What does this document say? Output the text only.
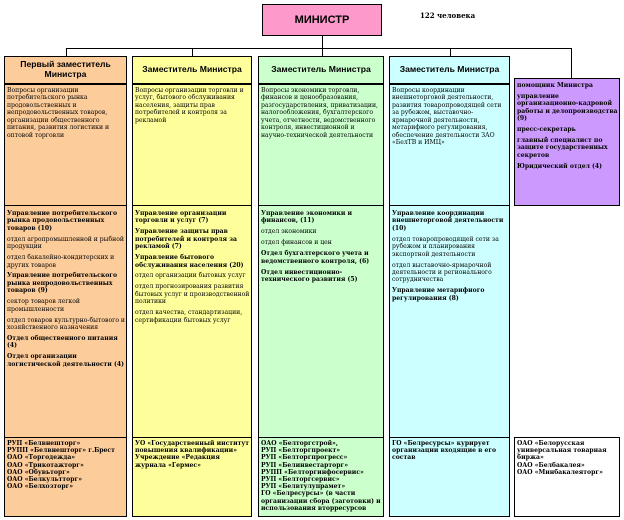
МИНИСТР	122 человека
Первый заместитель Министра
Вопросы организации потребительского рынка продовольственных и непродовольственных товаров, организации общественного питания, развития логистики и оптовой торговли
Управление потребительского рынка продовольственных товаров (10)
отдел агропромышленной и рыбной продукции
отдел бакалейно-кондитерских и других товаров
Управление потребительского рынка непродовольственных товаров (9)
сектор товаров легкой промышленности
отдел товаров культурно-бытового и хозяйственного назначения
Отдел общественного питания (4)
Отдел организации логистической деятельности (4)
РУП «Белвнешторг»
РУПП «Белвнешторг» г.Брест
ОАО «Торгодежда»
ОАО «Трикотажторг»
ОАО «Обувьторг»
ОАО «Белкультторг»
ОАО «Белхозторг»
Заместитель Министра
Вопросы организации торговли и услуг, бытового обслуживания населения, защиты прав потребителей и контроля за рекламой
Управление организации торговли и услуг (7)
Управление защиты прав потребителей и контроля за рекламой (7)
Управление бытового обслуживания населения (20)
отдел организации бытовых услуг
отдел прогнозирования развития бытовых услуг и производственной политики
отдел качества, стандартизации, сертификации бытовых услуг
УО «Государственный институт повышения квалификации»
Учреждение «Редакция журнала «Гермес»
Заместитель Министра
Вопросы экономики торговли, финансов и ценообразования, разгосударствления, приватизации, налогообложения, бухгалтерского учета, отчетности, ведомственного контроля, инвестиционной и научно-технической деятельности
Управление экономики и финансов, (11)
отдел экономики
отдел финансов и цен
Отдел бухгалтерского учета и ведомственного контроля, (6)
Отдел инвестиционно-технического развития (5)
ОАО «Белторгстрой»,
РУП «Белторгпроект»
РУП «Белторгпрогресс»
РУП «Белинвестарторг»
РУПП «Белторгинфосервис»
РУП «Белторгсервис»
РУП «Белвтулупрамет»
ГО «Белресурсы» (в части организации сбора (заготовки) и использования вторресурсов
Заместитель Министра
Вопросы координации внешнеторговой деятельности, развития товаропроводящей сети за рубежом, выставочно-ярмарочной деятельности, метарифного регулирования, обеспечение деятельности ЗАО «БелТВ и ИМЦ»
Управление координации внешнеторговой деятельности (10)
отдел товаропроводящей сети за рубежом и планирования экспортной деятельности
отдел выставочно-ярмарочной деятельности и регионального сотрудничества
Управление метарифного регулирования (8)
ГО «Белресурсы» курирует организации входящие в его состав
помощник Министра
управление организационно-кадровой работы и делопроизводства (9)
пресс-секретарь
главный специалист по защите государственных секретов
Юридический отдел (4)
ОАО «Белорусская универсальная товарная биржа»
ОАО «Белбакалея»
ОАО «Минбакалеяторг»
